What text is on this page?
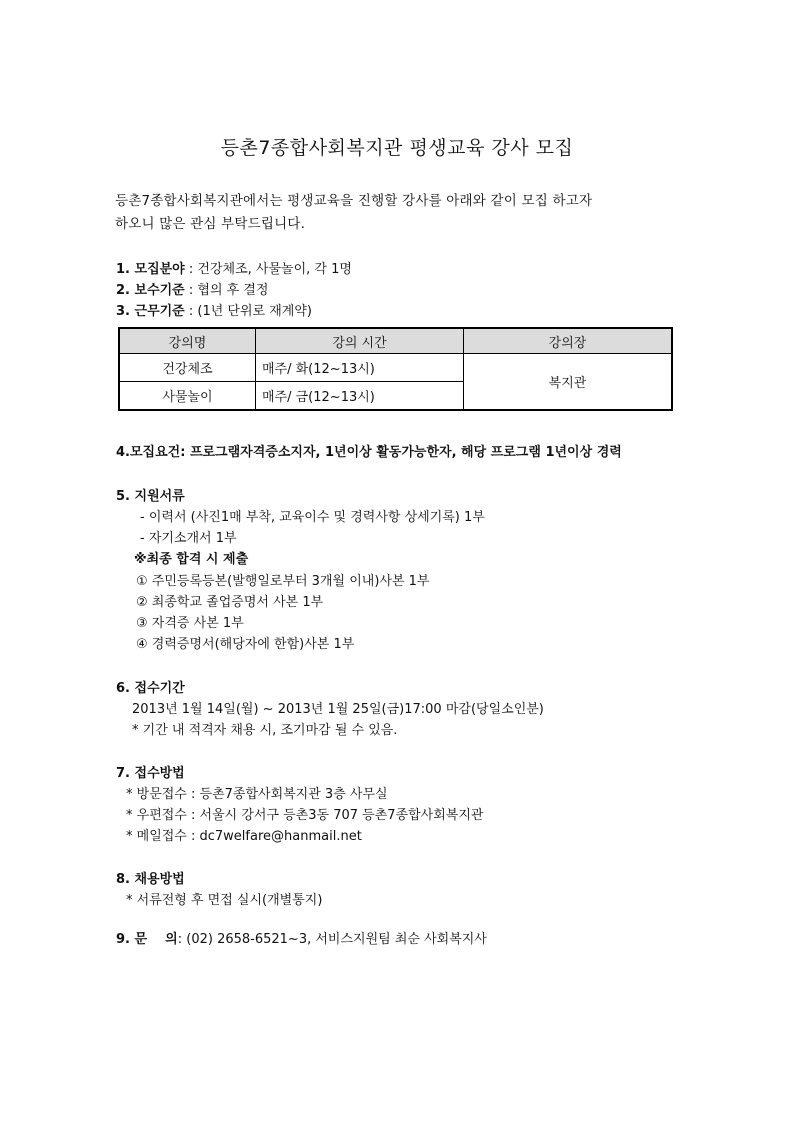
등촌7종합사회복지관 평생교육 강사 모집
등촌7종합사회복지관에서는 평생교육을 진행할 강사를 아래와 같이 모집 하고자
하오니 많은 관심 부탁드립니다.
1. 모집분야 : 건강체조, 사물놀이, 각 1명
2. 보수기준 : 협의 후 결정
3. 근무기준 : (1년 단위로 재계약)
강의명	강의 시간	강의장
건강체조	매주/ 화(12~13시)	복지관
사물놀이	매주/ 금(12~13시)	
4.모집요건: 프로그램자격증소지자, 1년이상 활동가능한자, 해당 프로그램 1년이상 경력
5. 지원서류
- 이력서 (사진1매 부착, 교육이수 및 경력사항 상세기록) 1부
- 자기소개서 1부
※최종 합격 시 제출
① 주민등록등본(발행일로부터 3개월 이내)사본 1부
② 최종학교 졸업증명서 사본 1부
③ 자격증 사본 1부
④ 경력증명서(해당자에 한함)사본 1부
6. 접수기간
2013년 1월 14일(월) ~ 2013년 1월 25일(금)17:00 마감(당일소인분)
* 기간 내 적격자 채용 시, 조기마감 될 수 있음.
7. 접수방법
* 방문접수 : 등촌7종합사회복지관 3층 사무실
* 우편접수 : 서울시 강서구 등촌3동 707 등촌7종합사회복지관
* 메일접수 : dc7welfare@hanmail.net
8. 채용방법
* 서류전형 후 면접 실시(개별통지)
9. 문    의: (02) 2658-6521~3, 서비스지원팀 최순 사회복지사
